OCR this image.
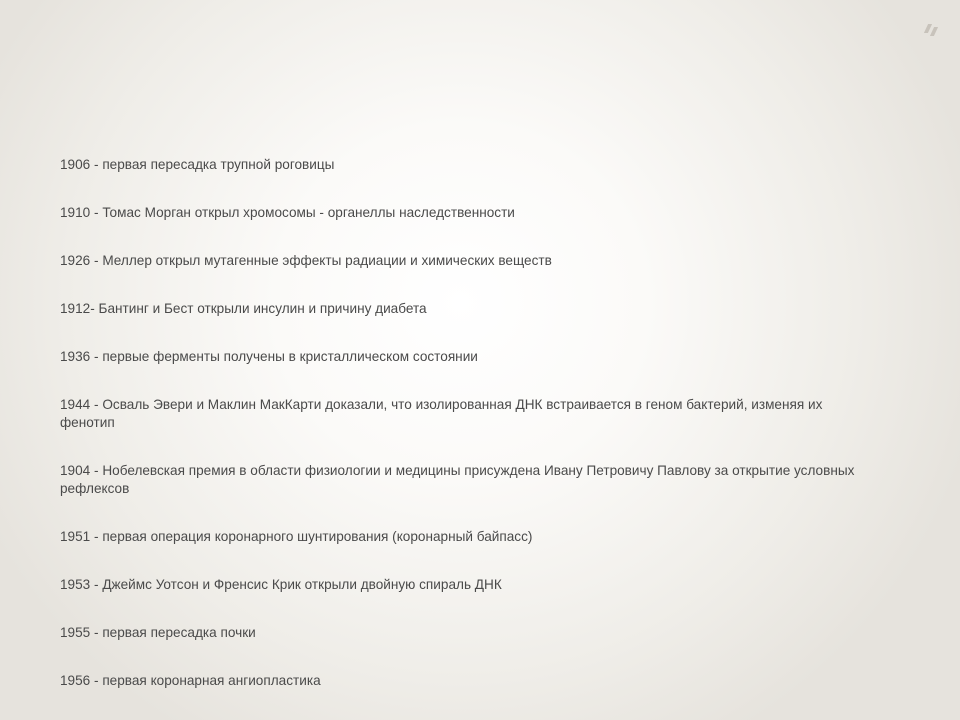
1906 - первая пересадка трупной роговицы
1910 - Томас Морган открыл хромосомы - органеллы наследственности
1926 - Меллер открыл мутагенные эффекты радиации и химических веществ
1912- Бантинг и Бест открыли инсулин и причину диабета
1936 - первые ферменты получены в кристаллическом состоянии
1944 - Осваль Эвери и Маклин МакКарти доказали, что изолированная ДНК встраивается в геном бактерий, изменяя их фенотип
1904 - Нобелевская премия в области физиологии и медицины присуждена Ивану Петровичу Павлову за открытие условных рефлексов
1951 - первая операция коронарного шунтирования (коронарный байпасс)
1953 - Джеймс Уотсон и Френсис Крик открыли двойную спираль ДНК
1955 - первая пересадка почки
1956 - первая коронарная ангиопластика
